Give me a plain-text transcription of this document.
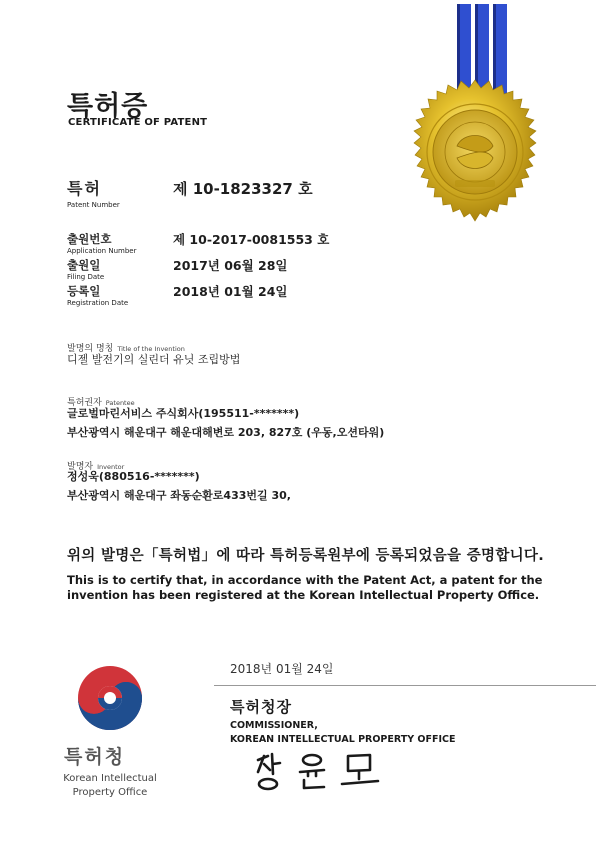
특허증
CERTIFICATE OF PATENT
특허
Patent Number
제 10-1823327 호
출원번호
Application Number
제 10-2017-0081553 호
출원일
Filing Date
2017년 06월 28일
등록일
Registration Date
2018년 01월 24일
발명의 명칭 Title of the Invention
디젤 발전기의 실린더 유닛 조립방법
특허권자 Patentee
글로벌마린서비스 주식회사(195511-*******)
부산광역시 해운대구 해운대해변로 203, 827호 (우동,오션타워)
발명자 Inventor
정성욱(880516-*******)
부산광역시 해운대구 좌동순환로433번길 30,
위의 발명은「특허법」에 따라 특허등록원부에 등록되었음을 증명합니다.
This is to certify that, in accordance with the Patent Act, a patent for the invention has been registered at the Korean Intellectual Property Office.
2018년 01월 24일
특허청장
COMMISSIONER,
KOREAN INTELLECTUAL PROPERTY OFFICE
특허청
Korean Intellectual Property Office
